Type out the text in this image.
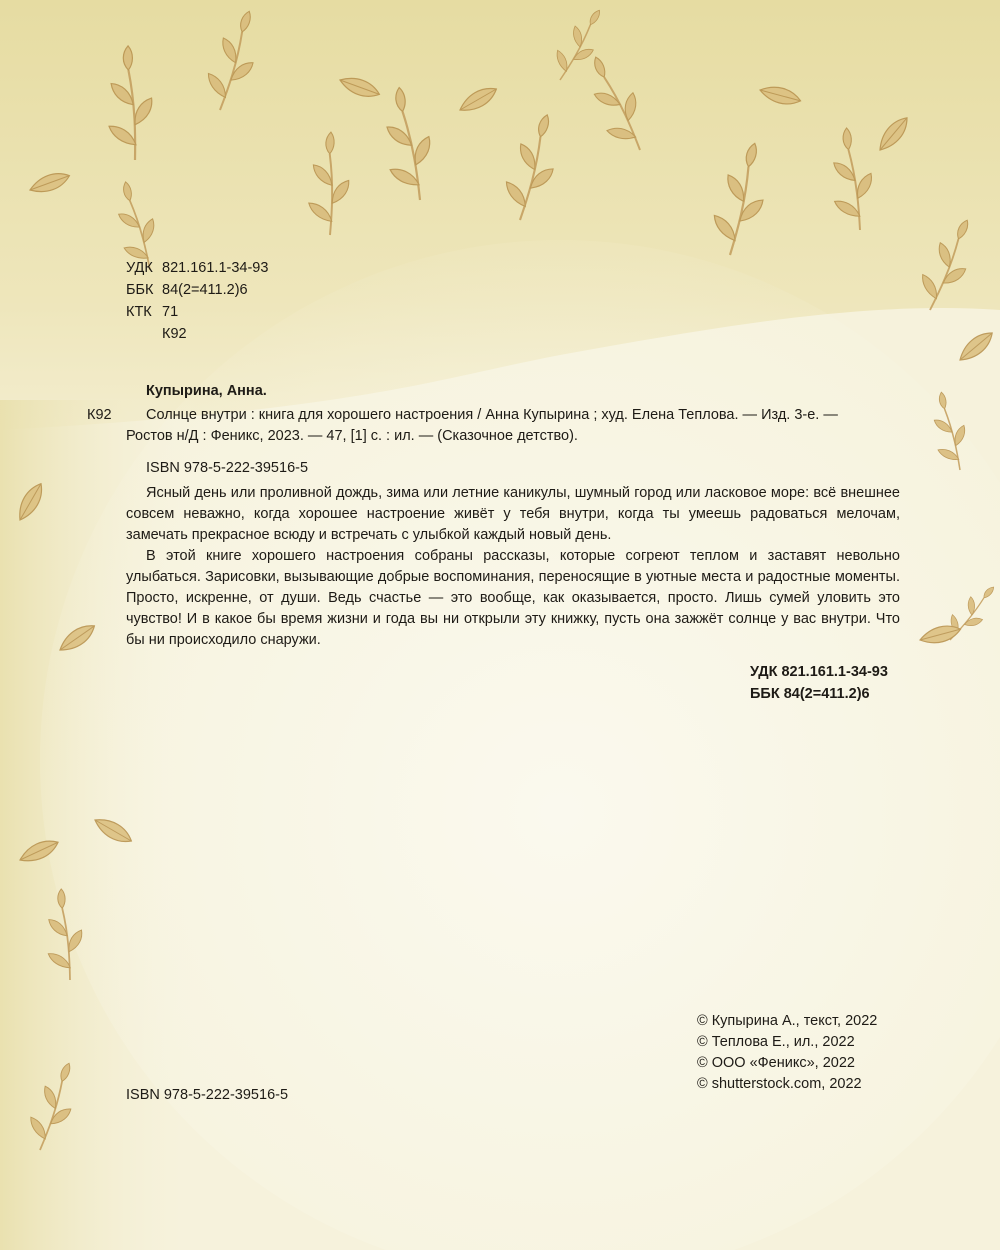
УДК 821.161.1-34-93
ББК 84(2=411.2)6
КТК 71
К92
Купырина, Анна.
К92 Солнце внутри : книга для хорошего настроения / Анна Купырина ; худ. Елена Теплова. — Изд. 3-е. —
Ростов н/Д : Феникс, 2023. — 47, [1] с. : ил. — (Сказочное детство).
ISBN 978-5-222-39516-5

Ясный день или проливной дождь, зима или летние каникулы, шумный город или ласковое море: всё внешнее совсем неважно, когда хорошее настроение живёт у тебя внутри, когда ты умеешь радоваться мелочам, замечать прекрасное всюду и встречать с улыбкой каждый новый день.

В этой книге хорошего настроения собраны рассказы, которые согреют теплом и заставят невольно улыбаться. Зарисовки, вызывающие добрые воспоминания, переносящие в уютные места и радостные моменты. Просто, искренне, от души. Ведь счастье — это вообще, как оказывается, просто. Лишь сумей уловить это чувство! И в какое бы время жизни и года вы ни открыли эту книжку, пусть она зажжёт солнце у вас внутри. Что бы ни происходило снаружи.

УДК 821.161.1-34-93
ББК 84(2=411.2)6
© Купырина А., текст, 2022
© Теплова Е., ил., 2022
© ООО «Феникс», 2022
© shutterstock.com, 2022
ISBN 978-5-222-39516-5
